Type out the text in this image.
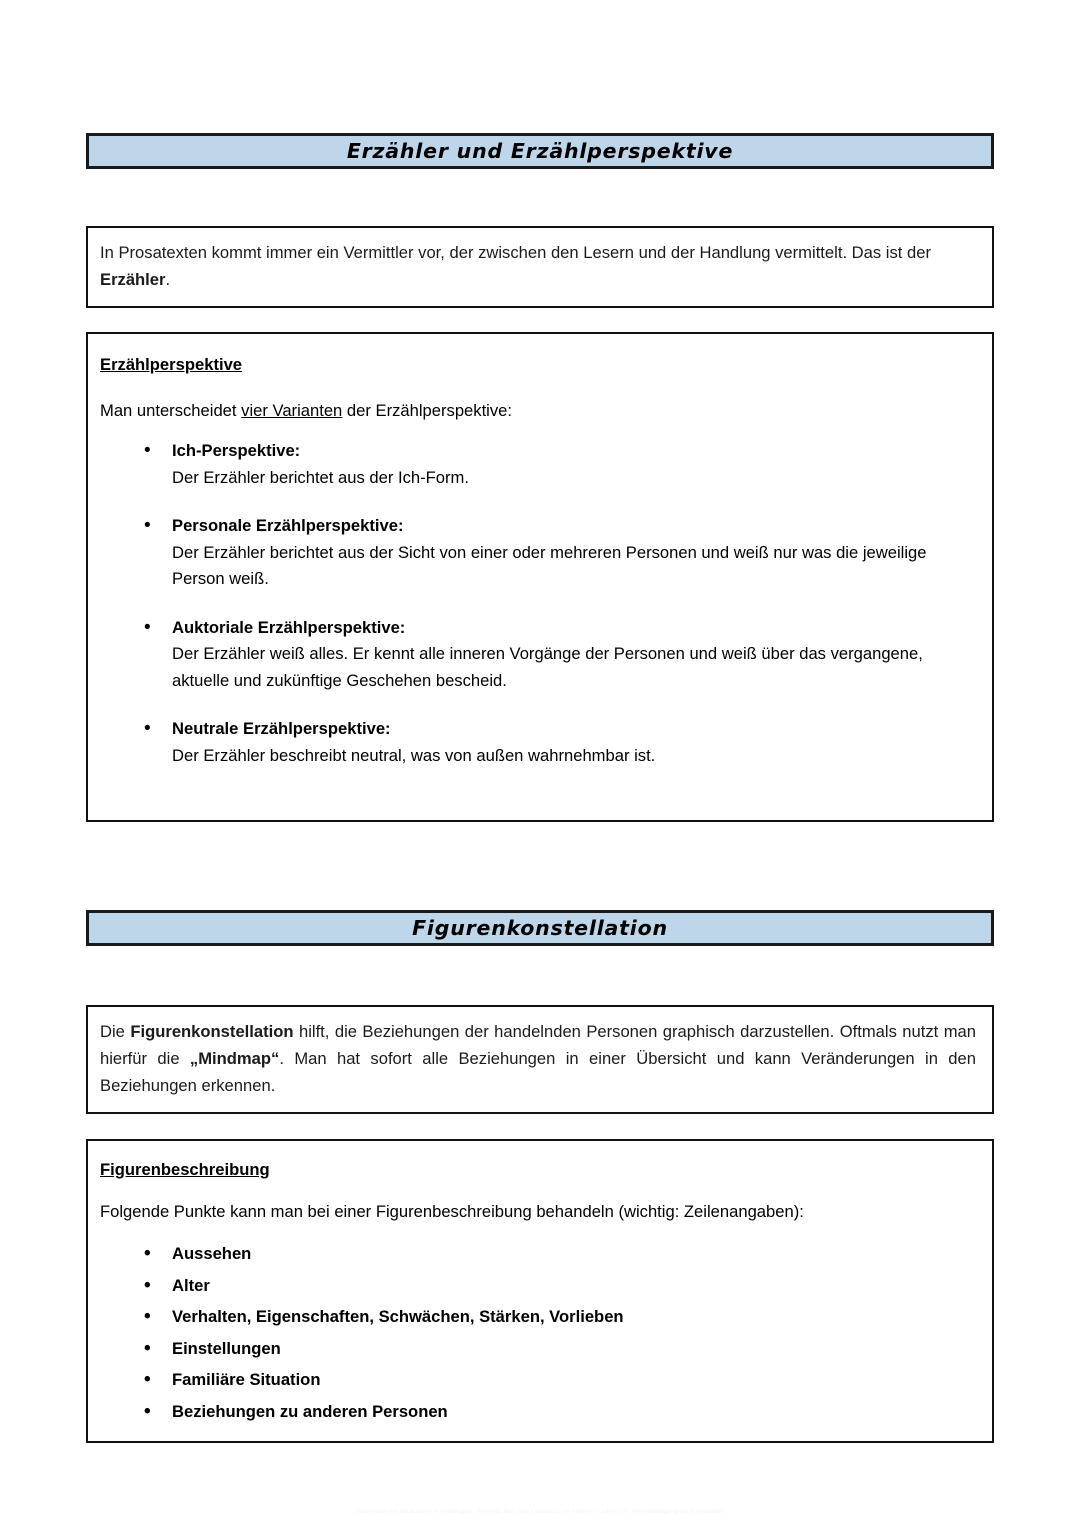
Erzähler und Erzählperspektive

In Prosatexten kommt immer ein Vermittler vor, der zwischen den Lesern und der Handlung vermittelt. Das ist der Erzähler.

Erzählperspektive

Man unterscheidet vier Varianten der Erzählperspektive:

• Ich-Perspektive:
Der Erzähler berichtet aus der Ich-Form.
• Personale Erzählperspektive:
Der Erzähler berichtet aus der Sicht von einer oder mehreren Personen und weiß nur was die jeweilige Person weiß.
• Auktoriale Erzählperspektive:
Der Erzähler weiß alles. Er kennt alle inneren Vorgänge der Personen und weiß über das vergangene, aktuelle und zukünftige Geschehen bescheid.
• Neutrale Erzählperspektive:
Der Erzähler beschreibt neutral, was von außen wahrnehmbar ist.
Figurenkonstellation

Die Figurenkonstellation hilft, die Beziehungen der handelnden Personen graphisch darzustellen. Oftmals nutzt man hierfür die „Mindmap“. Man hat sofort alle Beziehungen in einer Übersicht und kann Veränderungen in den Beziehungen erkennen.

Figurenbeschreibung

Folgende Punkte kann man bei einer Figurenbeschreibung behandeln (wichtig: Zeilenangaben):

• Aussehen
• Alter
• Verhalten, Eigenschaften, Schwächen, Stärken, Vorlieben
• Einstellungen
• Familiäre Situation
• Beziehungen zu anderen Personen
Download von wbat.com im unbefugten Vertrieb. Nur zum Gebrauch im eigenen Unterricht. Vervielfältigung nicht gestattet.
